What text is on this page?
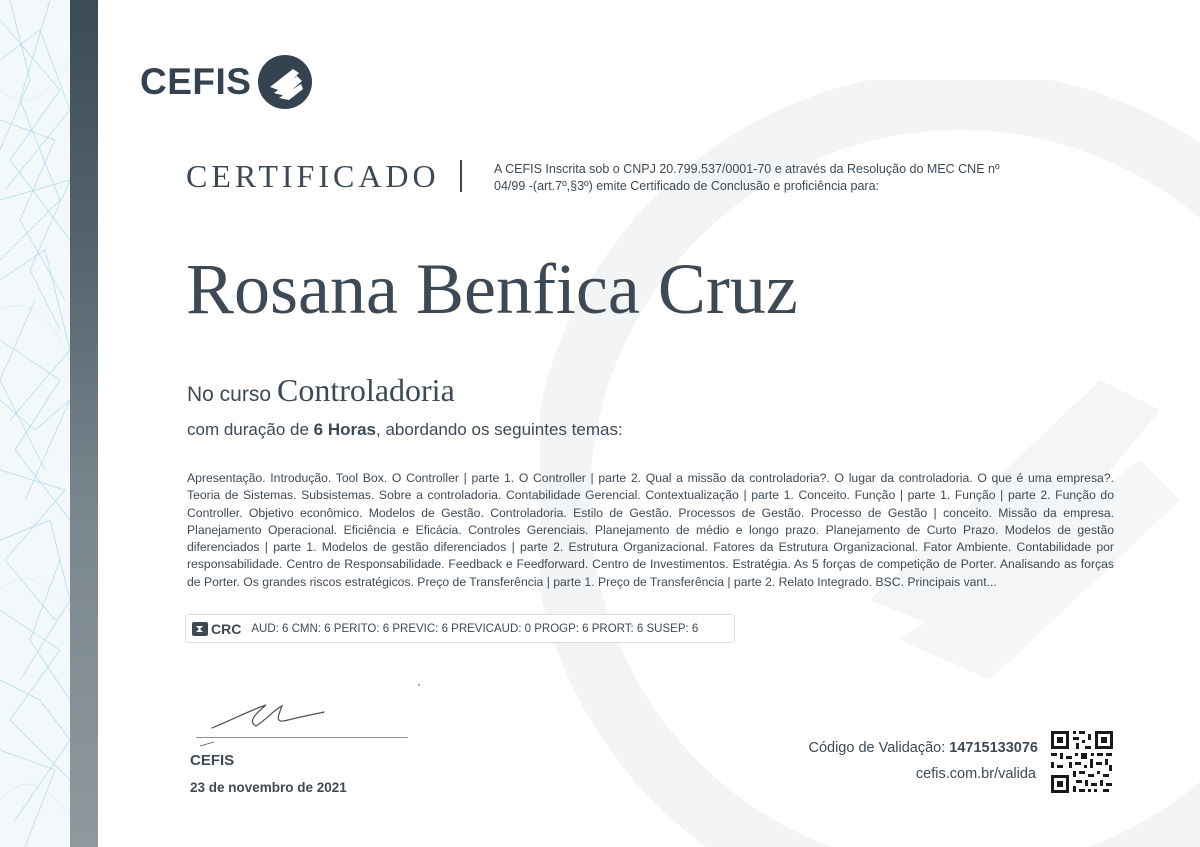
CEFIS
CERTIFICADO	A CEFIS Inscrita sob o CNPJ 20.799.537/0001-70 e através da Resolução do MEC CNE nº 04/99 -(art.7º,§3º) emite Certificado de Conclusão e proficiência para:
Rosana Benfica Cruz
No curso Controladoria
com duração de 6 Horas, abordando os seguintes temas:
Apresentação. Introdução. Tool Box. O Controller | parte 1. O Controller | parte 2. Qual a missão da controladoria?. O lugar da controladoria. O que é uma empresa?. Teoria de Sistemas. Subsistemas. Sobre a controladoria. Contabilidade Gerencial. Contextualização | parte 1. Conceito. Função | parte 1. Função | parte 2. Função do Controller. Objetivo econômico. Modelos de Gestão. Controladoria. Estilo de Gestão. Processos de Gestão. Processo de Gestão | conceito. Missão da empresa. Planejamento Operacional. Eficiência e Eficácia. Controles Gerenciais. Planejamento de médio e longo prazo. Planejamento de Curto Prazo. Modelos de gestão diferenciados | parte 1. Modelos de gestão diferenciados | parte 2. Estrutura Organizacional. Fatores da Estrutura Organizacional. Fator Ambiente. Contabilidade por responsabilidade. Centro de Responsabilidade. Feedback e Feedforward. Centro de Investimentos. Estratégia. As 5 forças de competição de Porter. Analisando as forças de Porter. Os grandes riscos estratégicos. Preço de Transferência | parte 1. Preço de Transferência | parte 2. Relato Integrado. BSC. Principais vant...
CRC AUD: 6 CMN: 6 PERITO: 6 PREVIC: 6 PREVICAUD: 0 PROGP: 6 PRORT: 6 SUSEP: 6
CEFIS
23 de novembro de 2021
Código de Validação: 14715133076
cefis.com.br/valida
